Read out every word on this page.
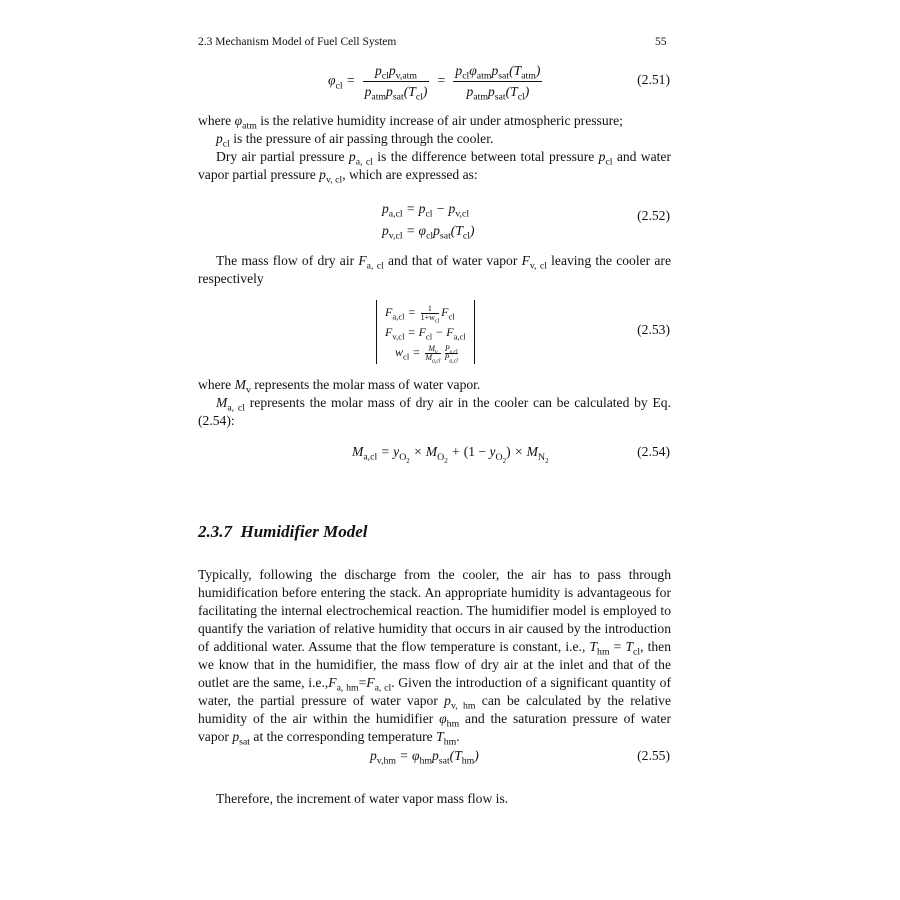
2.3 Mechanism Model of Fuel Cell System	55
$\varphi_{cl} = \frac{p_{cl}p_{v,atm}}{p_{atm}p_{sat}(T_{cl})} = \frac{p_{cl}\varphi_{atm}p_{sat}(T_{atm})}{p_{atm}p_{sat}(T_{cl})}$	(2.51)
where $\varphi_{atm}$ is the relative humidity increase of air under atmospheric pressure;
$p_{cl}$ is the pressure of air passing through the cooler.
Dry air partial pressure $p_{a, cl}$ is the difference between total pressure $p_{cl}$ and water vapor partial pressure $p_{v, cl}$, which are expressed as:
$p_{a,cl} = p_{cl} - p_{v,cl}$
$p_{v,cl} = \varphi_{cl}p_{sat}(T_{cl})$
(2.52)
The mass flow of dry air $F_{a, cl}$ and that of water vapor $F_{v, cl}$ leaving the cooler are respectively
$F_{a,cl} = \frac{1}{1+w_{cl}} F_{cl}$
$F_{v,cl} = F_{cl} - F_{a,cl}$
$w_{cl} = \frac{M_v}{M_{a,cl}} \frac{P_{v,cl}}{P_{a,cl}}$
(2.53)
where $M_v$ represents the molar mass of water vapor.
$M_{a, cl}$ represents the molar mass of dry air in the cooler can be calculated by Eq. (2.54):
$M_{a,cl} = y_{O_2} \times M_{O_2} + (1 - y_{O_2}) \times M_{N_2}$
(2.54)
2.3.7 Humidifier Model
Typically, following the discharge from the cooler, the air has to pass through humidification before entering the stack. An appropriate humidity is advantageous for facilitating the internal electrochemical reaction. The humidifier model is employed to quantify the variation of relative humidity that occurs in air caused by the introduction of additional water. Assume that the flow temperature is constant, i.e., $T_{hm} = T_{cl}$, then we know that in the humidifier, the mass flow of dry air at the inlet and that of the outlet are the same, $i.e.,F_{a, hm}=F_{a, cl}$. Given the introduction of a significant quantity of water, the partial pressure of water vapor $p_{v, hm}$ can be calculated by the relative humidity of the air within the humidifier $\varphi_{hm}$ and the saturation pressure of water vapor $p_{sat}$ at the corresponding temperature $T_{hm}$.
$p_{v,hm} = \varphi_{hm}p_{sat}(T_{hm})$	(2.55)
Therefore, the increment of water vapor mass flow is.
